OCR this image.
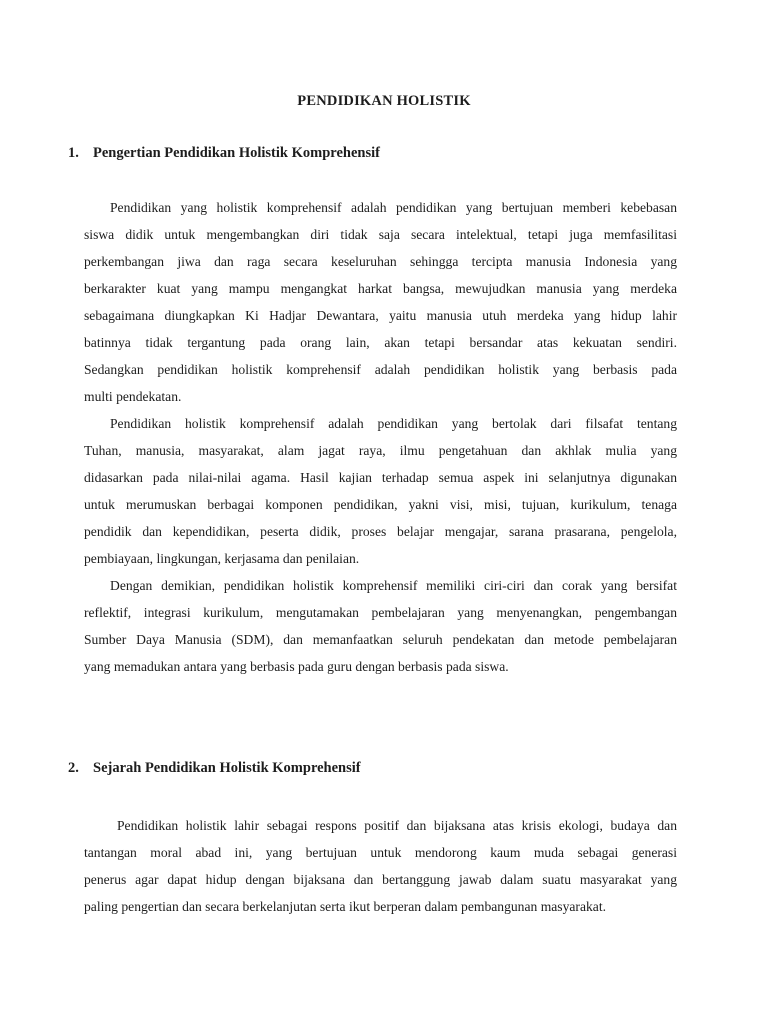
PENDIDIKAN HOLISTIK
1. Pengertian Pendidikan Holistik Komprehensif
Pendidikan yang holistik komprehensif adalah pendidikan yang bertujuan memberi kebebasan
siswa didik untuk mengembangkan diri tidak saja secara intelektual, tetapi juga memfasilitasi
perkembangan jiwa dan raga secara keseluruhan sehingga tercipta manusia Indonesia yang
berkarakter kuat yang mampu mengangkat harkat bangsa, mewujudkan manusia yang merdeka
sebagaimana diungkapkan Ki Hadjar Dewantara, yaitu manusia utuh merdeka yang hidup lahir
batinnya tidak tergantung pada orang lain, akan tetapi bersandar atas kekuatan sendiri.
Sedangkan pendidikan holistik komprehensif adalah pendidikan holistik yang berbasis pada
multi pendekatan.
Pendidikan holistik komprehensif adalah pendidikan yang bertolak dari filsafat tentang
Tuhan, manusia, masyarakat, alam jagat raya, ilmu pengetahuan dan akhlak mulia yang
didasarkan pada nilai-nilai agama. Hasil kajian terhadap semua aspek ini selanjutnya digunakan
untuk merumuskan berbagai komponen pendidikan, yakni visi, misi, tujuan, kurikulum, tenaga
pendidik dan kependidikan, peserta didik, proses belajar mengajar, sarana prasarana, pengelola,
pembiayaan, lingkungan, kerjasama dan penilaian.
Dengan demikian, pendidikan holistik komprehensif memiliki ciri-ciri dan corak yang bersifat
reflektif, integrasi kurikulum, mengutamakan pembelajaran yang menyenangkan, pengembangan
Sumber Daya Manusia (SDM), dan memanfaatkan seluruh pendekatan dan metode pembelajaran
yang memadukan antara yang berbasis pada guru dengan berbasis pada siswa.
2. Sejarah Pendidikan Holistik Komprehensif
Pendidikan holistik lahir sebagai respons positif dan bijaksana atas krisis ekologi, budaya dan
tantangan moral abad ini, yang bertujuan untuk mendorong kaum muda sebagai generasi
penerus agar dapat hidup dengan bijaksana dan bertanggung jawab dalam suatu masyarakat yang
paling pengertian dan secara berkelanjutan serta ikut berperan dalam pembangunan masyarakat.
